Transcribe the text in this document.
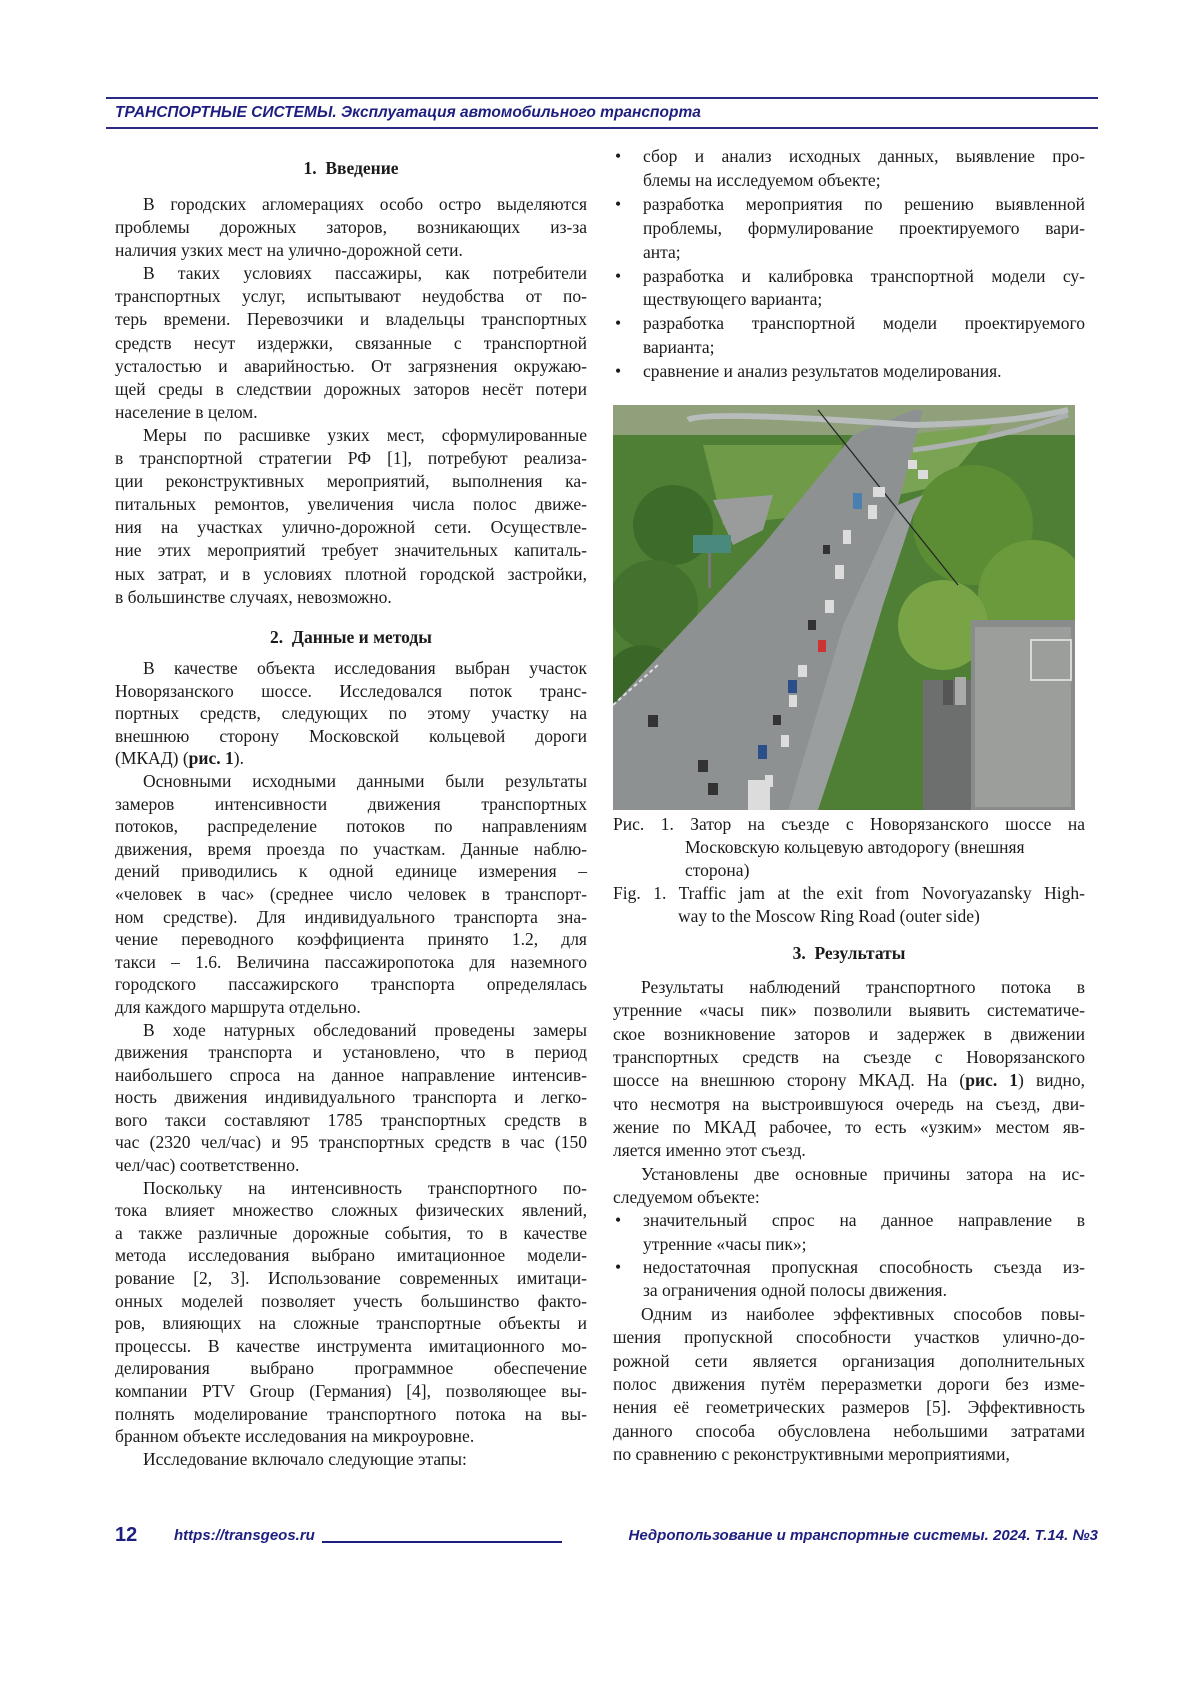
ТРАНСПОРТНЫЕ СИСТЕМЫ. Эксплуатация автомобильного транспорта
1.  Введение
В городских агломерациях особо остро выделяются
проблемы дорожных заторов, возникающих из-за
наличия узких мест на улично-дорожной сети.
В таких условиях пассажиры, как потребители
транспортных услуг, испытывают неудобства от по-
терь времени. Перевозчики и владельцы транспортных
средств несут издержки, связанные с транспортной
усталостью и аварийностью. От загрязнения окружаю-
щей среды в следствии дорожных заторов несёт потери
население в целом.
Меры по расшивке узких мест, сформулированные
в транспортной стратегии РФ [1], потребуют реализа-
ции реконструктивных мероприятий, выполнения ка-
питальных ремонтов, увеличения числа полос движе-
ния на участках улично-дорожной сети. Осуществле-
ние этих мероприятий требует значительных капиталь-
ных затрат, и в условиях плотной городской застройки,
в большинстве случаях, невозможно.
2.  Данные и методы
В качестве объекта исследования выбран участок
Новорязанского шоссе. Исследовался поток транс-
портных средств, следующих по этому участку на
внешнюю сторону Московской кольцевой дороги
(МКАД) (рис. 1).
Основными исходными данными были результаты
замеров интенсивности движения транспортных
потоков, распределение потоков по направлениям
движения, время проезда по участкам. Данные наблю-
дений приводились к одной единице измерения –
«человек в час» (среднее число человек в транспорт-
ном средстве). Для индивидуального транспорта зна-
чение переводного коэффициента принято 1.2, для
такси – 1.6. Величина пассажиропотока для наземного
городского пассажирского транспорта определялась
для каждого маршрута отдельно.
В ходе натурных обследований проведены замеры
движения транспорта и установлено, что в период
наибольшего спроса на данное направление интенсив-
ность движения индивидуального транспорта и легко-
вого такси составляют 1785 транспортных средств в
час (2320 чел/час) и 95 транспортных средств в час (150
чел/час) соответственно.
Поскольку на интенсивность транспортного по-
тока влияет множество сложных физических явлений,
а также различные дорожные события, то в качестве
метода исследования выбрано имитационное модели-
рование [2, 3]. Использование современных имитаци-
онных моделей позволяет учесть большинство факто-
ров, влияющих на сложные транспортные объекты и
процессы. В качестве инструмента имитационного мо-
делирования выбрано программное обеспечение
компании PTV Group (Германия) [4], позволяющее вы-
полнять моделирование транспортного потока на вы-
бранном объекте исследования на микроуровне.
Исследование включало следующие этапы:
• сбор и анализ исходных данных, выявление про-
блемы на исследуемом объекте;
• разработка мероприятия по решению выявленной
проблемы, формулирование проектируемого вари-
анта;
• разработка и калибровка транспортной модели су-
ществующего варианта;
• разработка транспортной модели проектируемого
варианта;
• сравнение и анализ результатов моделирования.
Рис. 1. Затор на съезде с Новорязанского шоссе на
Московскую кольцевую автодорогу (внешняя
сторона)
Fig. 1. Traffic jam at the exit from Novoryazansky High-
way to the Moscow Ring Road (outer side)
3.  Результаты
Результаты наблюдений транспортного потока в
утренние «часы пик» позволили выявить систематиче-
ское возникновение заторов и задержек в движении
транспортных средств на съезде с Новорязанского
шоссе на внешнюю сторону МКАД. На (рис. 1) видно,
что несмотря на выстроившуюся очередь на съезд, дви-
жение по МКАД рабочее, то есть «узким» местом яв-
ляется именно этот съезд.
Установлены две основные причины затора на ис-
следуемом объекте:
• значительный спрос на данное направление в
утренние «часы пик»;
• недостаточная пропускная способность съезда из-
за ограничения одной полосы движения.
Одним из наиболее эффективных способов повы-
шения пропускной способности участков улично-до-
рожной сети является организация дополнительных
полос движения путём переразметки дороги без изме-
нения её геометрических размеров [5]. Эффективность
данного способа обусловлена небольшими затратами
по сравнению с реконструктивными мероприятиями,
12 https://transgeos.ru	Недропользование и транспортные системы. 2024. Т.14. №3
